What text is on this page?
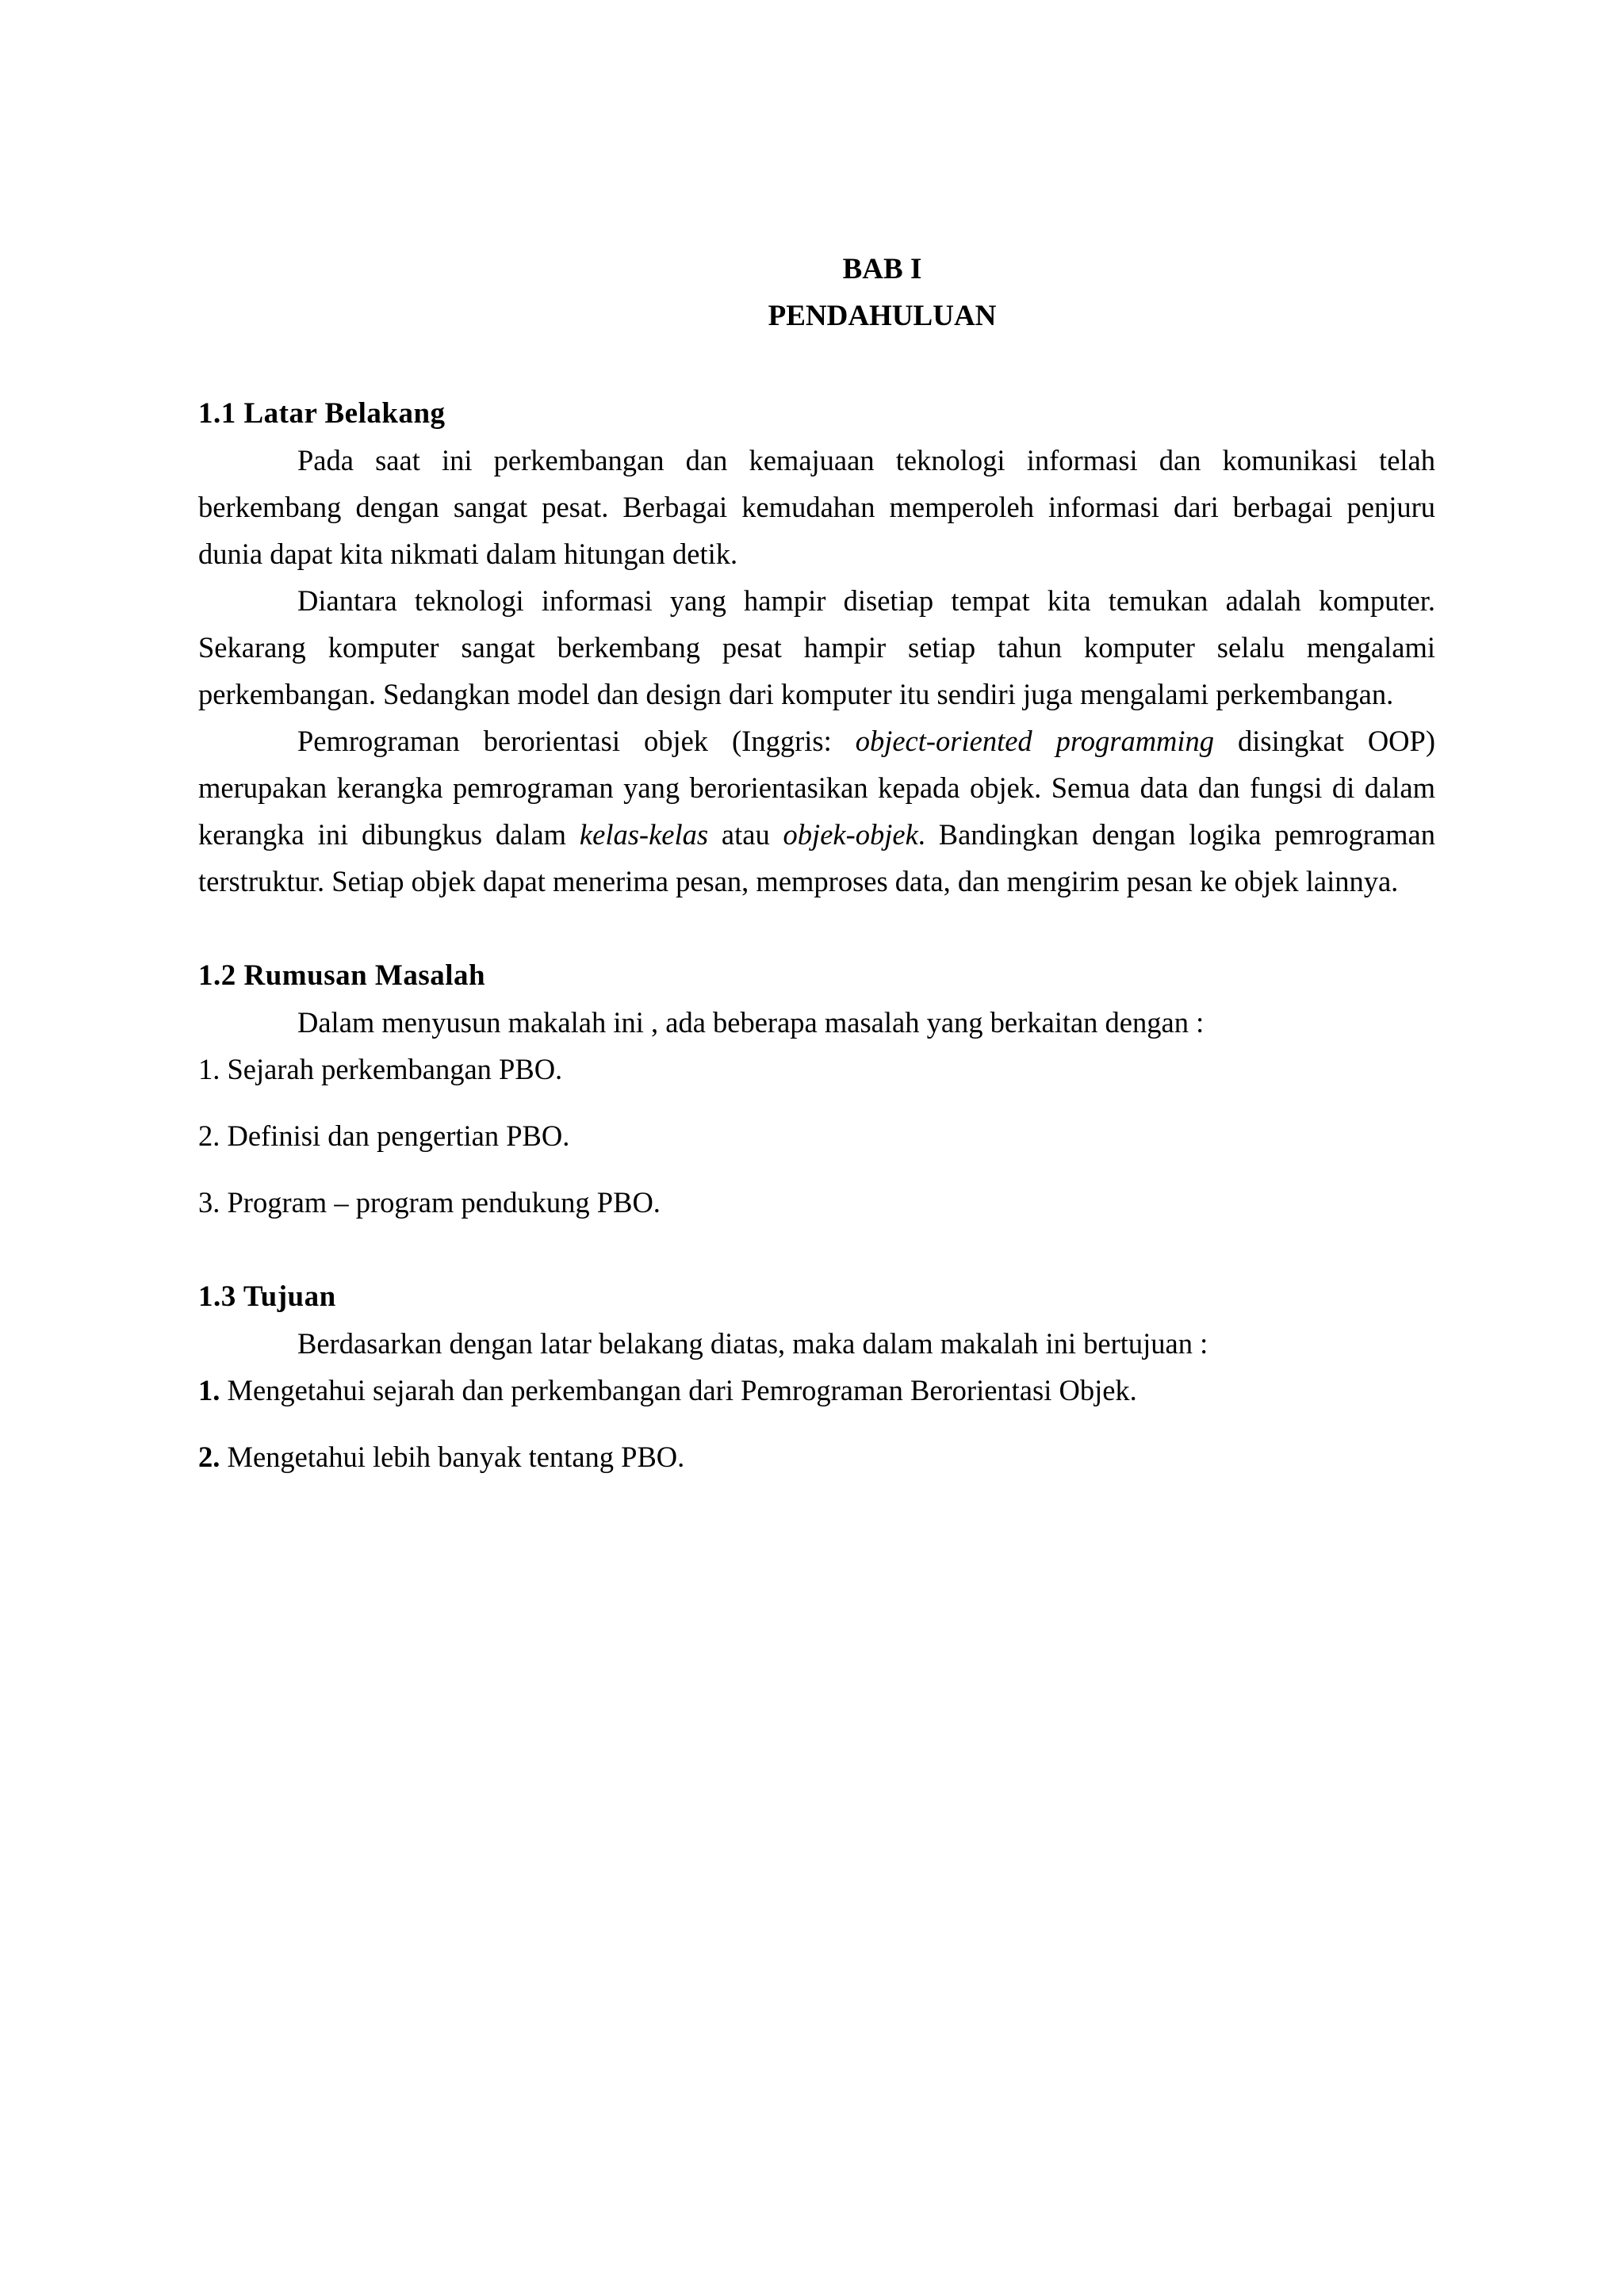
BAB I
PENDAHULUAN
1.1 Latar Belakang

Pada saat ini perkembangan dan kemajuaan teknologi informasi dan komunikasi telah berkembang dengan sangat pesat. Berbagai kemudahan memperoleh informasi dari berbagai penjuru dunia dapat kita nikmati dalam hitungan detik.

Diantara teknologi informasi yang hampir disetiap tempat kita temukan adalah komputer. Sekarang komputer sangat berkembang pesat hampir setiap tahun komputer selalu mengalami perkembangan. Sedangkan model dan design dari komputer itu sendiri juga mengalami perkembangan.

Pemrograman berorientasi objek (Inggris: object-oriented programming disingkat OOP) merupakan kerangka pemrograman yang berorientasikan kepada objek. Semua data dan fungsi di dalam kerangka ini dibungkus dalam kelas-kelas atau objek-objek. Bandingkan dengan logika pemrograman terstruktur. Setiap objek dapat menerima pesan, memproses data, dan mengirim pesan ke objek lainnya.

1.2 Rumusan Masalah

Dalam menyusun makalah ini , ada beberapa masalah yang berkaitan dengan :

1. Sejarah perkembangan PBO.
2. Definisi dan pengertian PBO.
3. Program – program pendukung PBO.
1.3 Tujuan

Berdasarkan dengan latar belakang diatas, maka dalam makalah ini bertujuan :

1. Mengetahui sejarah dan perkembangan dari Pemrograman Berorientasi Objek.
2. Mengetahui lebih banyak tentang PBO.
